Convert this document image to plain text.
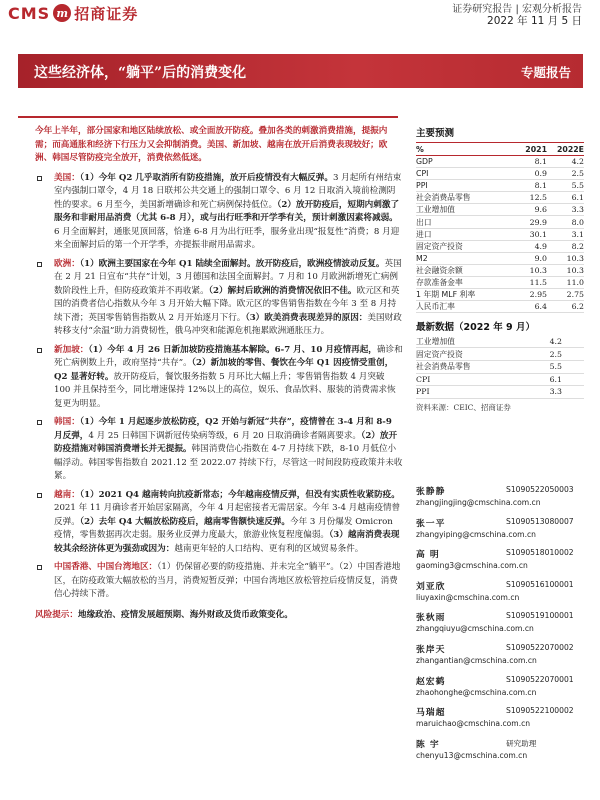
CMS m 招商证券	证券研究报告 | 宏观分析报告
2022 年 11 月 5 日
这些经济体，“躺平”后的消费变化	专题报告
今年上半年，部分国家和地区陆续放松、或全面放开防疫。叠加各类的刺激消费措施，提振内需；而高通胀和经济下行压力又会抑制消费。美国、新加坡、越南在放开后消费表现较好；欧洲、韩国尽管防疫完全放开，消费依然低迷。
美国：（1）今年 Q2 几乎取消所有防疫措施，放开后疫情没有大幅反弹。3 月起所有州结束室内强制口罩令，4 月 18 日联邦公共交通上的强制口罩令、6 月 12 日取消入境前检测阴性的要求。6 月至今，美国新增确诊和死亡病例保持低位。（2）放开防疫后，短期内刺激了服务和非耐用品消费（尤其 6-8 月），或与出行旺季和开学季有关，预计刺激因素将减弱。6 月全面解封，通胀见顶回落，恰逢 6-8 月为出行旺季，服务业出现“报复性”消费；8 月迎来全面解封后的第一个开学季，亦提振非耐用品需求。
欧洲：（1）欧洲主要国家在今年 Q1 陆续全面解封。放开防疫后，欧洲疫情波动反复。英国在 2 月 21 日宣布“共存”计划，3 月德国和法国全面解封。7 月和 10 月欧洲新增死亡病例数阶段性上升，但防疫政策并不再收紧。（2）解封后欧洲的消费情况依旧不佳。欧元区和英国的消费者信心指数从今年 3 月开始大幅下降。欧元区的零售销售指数在今年 3 至 8 月持续下滑；英国零售销售指数从 2 月开始逐月下行。（3）欧美消费表现差异的原因：美国财政转移支付“余温”助力消费韧性，俄乌冲突和能源危机拖累欧洲通胀压力。
新加坡：（1）今年 4 月 26 日新加坡防疫措施基本解除。6-7 月、10 月疫情再起，确诊和死亡病例数上升，政府坚持“共存”。（2）新加坡的零售、餐饮在今年 Q1 因疫情受重创，Q2 显著好转。放开防疫后，餐饮服务指数 5 月环比大幅上升；零售销售指数 4 月突破 100 并且保持至今，同比增速保持 12%以上的高位，娱乐、食品饮料、服装的消费需求恢复更为明显。
韩国：（1）今年 1 月起逐步放松防疫，Q2 开始与新冠“共存”，疫情曾在 3-4 月和 8-9 月反弹，4 月 25 日韩国下调新冠传染病等级，6 月 20 日取消确诊者隔离要求。（2）放开防疫措施对韩国消费增长并无提振。韩国消费信心指数在 4-7 月持续下跌，8-10 月低位小幅浮动。韩国零售指数自 2021.12 至 2022.07 持续下行，尽管这一时间段防疫政策并未收紧。
越南：（1）2021 Q4 越南转向抗疫新常态；今年越南疫情反弹，但没有实质性收紧防疫。2021 年 11 月确诊者开始居家隔离，今年 4 月起密接者无需居家。今年 3-4 月越南疫情曾反弹。（2）去年 Q4 大幅放松防疫后，越南零售额快速反弹。今年 3 月份爆发 Omicron 疫情，零售数据再次走弱。服务业反弹力度最大，旅游业恢复程度偏弱。（3）越南消费表现较其余经济体更为强劲或因为：越南更年轻的人口结构、更有利的区域贸易条件。
中国香港、中国台湾地区：（1）仍保留必要的防疫措施、并未完全“躺平”。（2）中国香港地区，在防疫政策大幅放松的当月，消费短暂反弹；中国台湾地区放松管控后疫情反复，消费信心持续下滑。
风险提示：地缘政治、疫情发展超预期、海外财政及货币政策变化。
主要预测
%	2021	2022E
GDP	8.1	4.2
CPI	0.9	2.5
PPI	8.1	5.5
社会消费品零售	12.5	6.1
工业增加值	9.6	3.3
出口	29.9	8.0
进口	30.1	3.1
固定资产投资	4.9	8.2
M2	9.0	10.3
社会融资余额	10.3	10.3
存款准备金率	11.5	11.0
1 年期 MLF 利率	2.95	2.75
人民币汇率	6.4	6.2
最新数据（2022 年 9 月）
工业增加值	4.2
固定资产投资	2.5
社会消费品零售	5.5
CPI	6.1
PPI	3.3
资料来源：CEIC、招商证券
张静静	S1090522050003
zhangjingjing@cmschina.com.cn
张一平	S1090513080007
zhangyiping@cmschina.com.cn
高 明	S1090518010002
gaoming3@cmschina.com.cn
刘亚欣	S1090516100001
liuyaxin@cmschina.com.cn
张秋雨	S1090519100001
zhangqiuyu@cmschina.com.cn
张岸天	S1090522070002
zhangantian@cmschina.com.cn
赵宏鹤	S1090522070001
zhaohonghe@cmschina.com.cn
马瑞超	S1090522100002
maruichao@cmschina.com.cn
陈 宇	研究助理
chenyu13@cmschina.com.cn
